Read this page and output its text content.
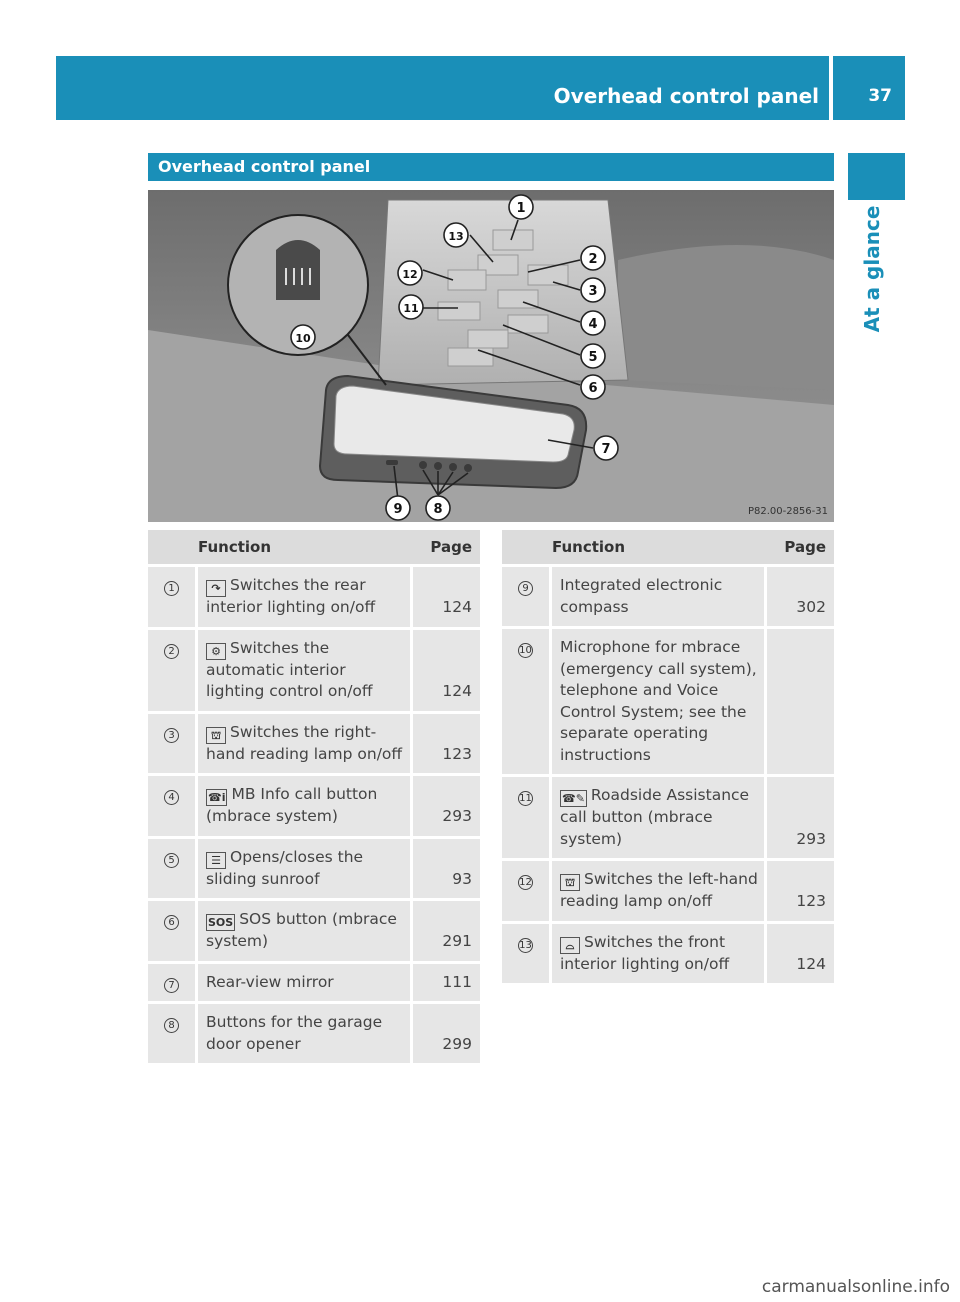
Overhead control panel	37
At a glance
Overhead control panel
1
2
3
4
5
6
7
8
9
10
11
12
13
P82.00-2856-31
	Function	Page
1	↷ Switches the rear interior lighting on/off	124
2	⚙ Switches the automatic interior lighting control on/off	124
3	⛫ Switches the right-hand reading lamp on/off	123
4	☎i MB Info call button (mbrace system)	293
5	☰ Opens/closes the sliding sunroof	93
6	SOS SOS button (mbrace system)	291
7	Rear-view mirror	111
8	Buttons for the garage door opener	299
	Function	Page
9	Integrated electronic compass	302
10	Microphone for mbrace (emergency call system), telephone and Voice Control System; see the separate operating instructions	
11	☎✎ Roadside Assistance call button (mbrace system)	293
12	⛫ Switches the left-hand reading lamp on/off	123
13	⌓ Switches the front interior lighting on/off	124
carmanualsonline.info
